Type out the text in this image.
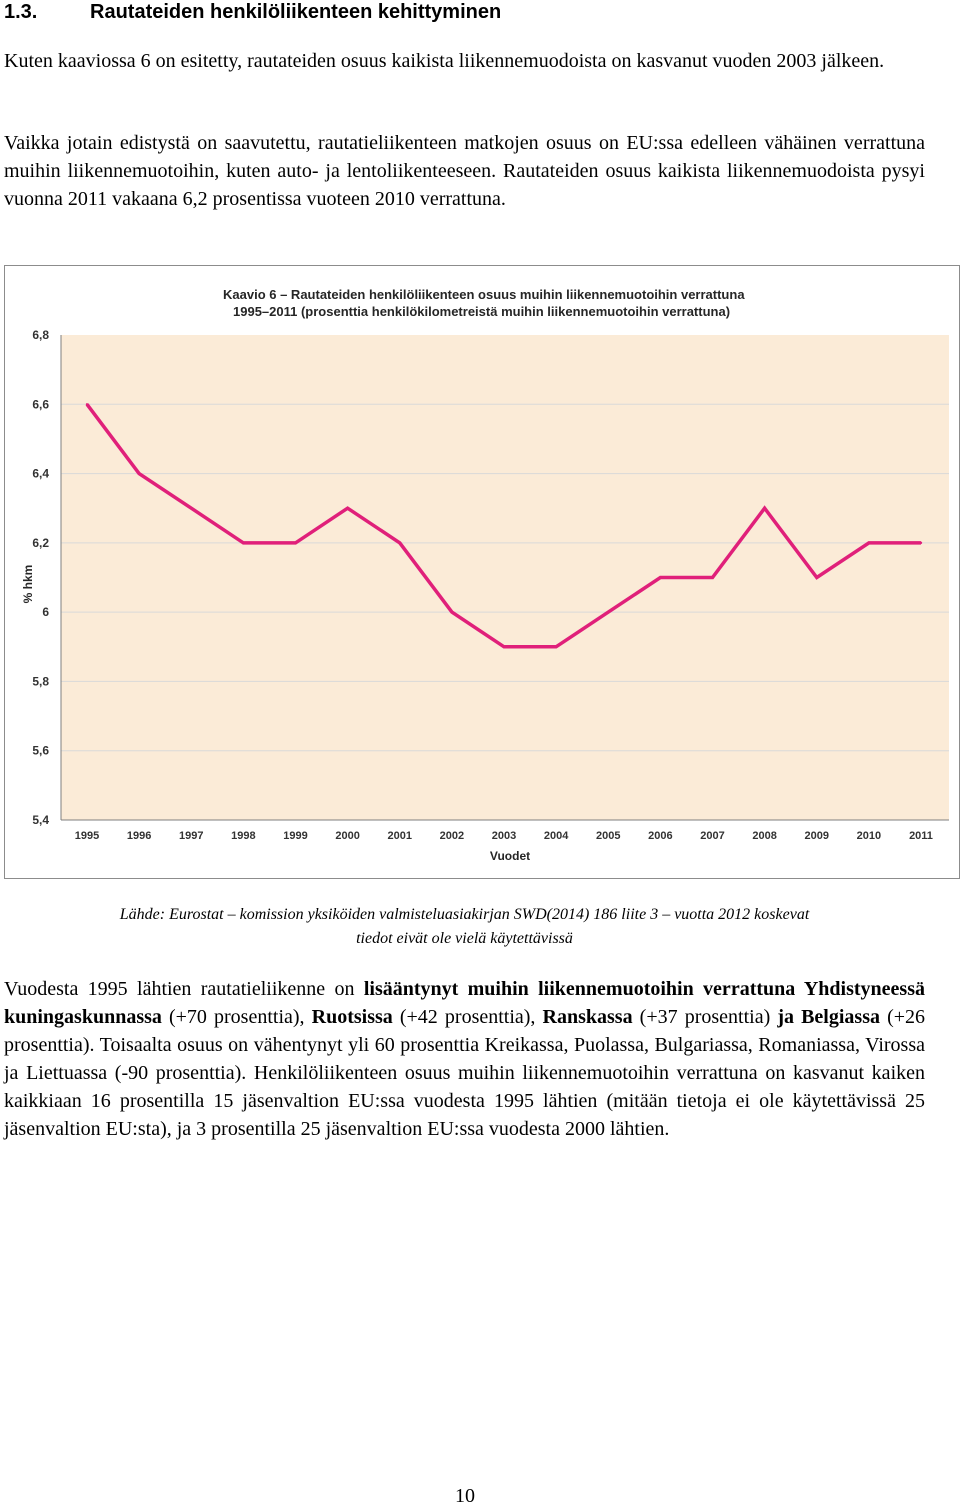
1.3.	Rautateiden henkilöliikenteen kehittyminen

Kuten kaaviossa 6 on esitetty, rautateiden osuus kaikista liikennemuodoista on kasvanut vuoden 2003 jälkeen.

Vaikka jotain edistystä on saavutettu, rautatieliikenteen matkojen osuus on EU:ssa edelleen vähäinen verrattuna muihin liikennemuotoihin, kuten auto- ja lentoliikenteeseen. Rautateiden osuus kaikista liikennemuodoista pysyi vuonna 2011 vakaana 6,2 prosentissa vuoteen 2010 verrattuna.

6,8
6,6
6,4
6,2
6
5,8
5,6
5,4
1995	1996	1997	1998	1999	2000	2001	2002	2003	2004	2005	2006	2007	2008	2009	2010	2011
Kaavio 6 – Rautateiden henkilöliikenteen osuus muihin liikennemuotoihin verrattuna
1995–2011 (prosenttia henkilökilometreistä muihin liikennemuotoihin verrattuna)
Vuodet
% hkm
Lähde: Eurostat – komission yksiköiden valmisteluasiakirjan SWD(2014) 186 liite 3 – vuotta 2012 koskevat
tiedot eivät ole vielä käytettävissä

Vuodesta 1995 lähtien rautatieliikenne on lisääntynyt muihin liikennemuotoihin verrattuna Yhdistyneessä kuningaskunnassa (+70 prosenttia), Ruotsissa (+42 prosenttia), Ranskassa (+37 prosenttia) ja Belgiassa (+26 prosenttia). Toisaalta osuus on vähentynyt yli 60 prosenttia Kreikassa, Puolassa, Bulgariassa, Romaniassa, Virossa ja Liettuassa (-90 prosenttia). Henkilöliikenteen osuus muihin liikennemuotoihin verrattuna on kasvanut kaiken kaikkiaan 16 prosentilla 15 jäsenvaltion EU:ssa vuodesta 1995 lähtien (mitään tietoja ei ole käytettävissä 25 jäsenvaltion EU:sta), ja 3 prosentilla 25 jäsenvaltion EU:ssa vuodesta 2000 lähtien.

10
